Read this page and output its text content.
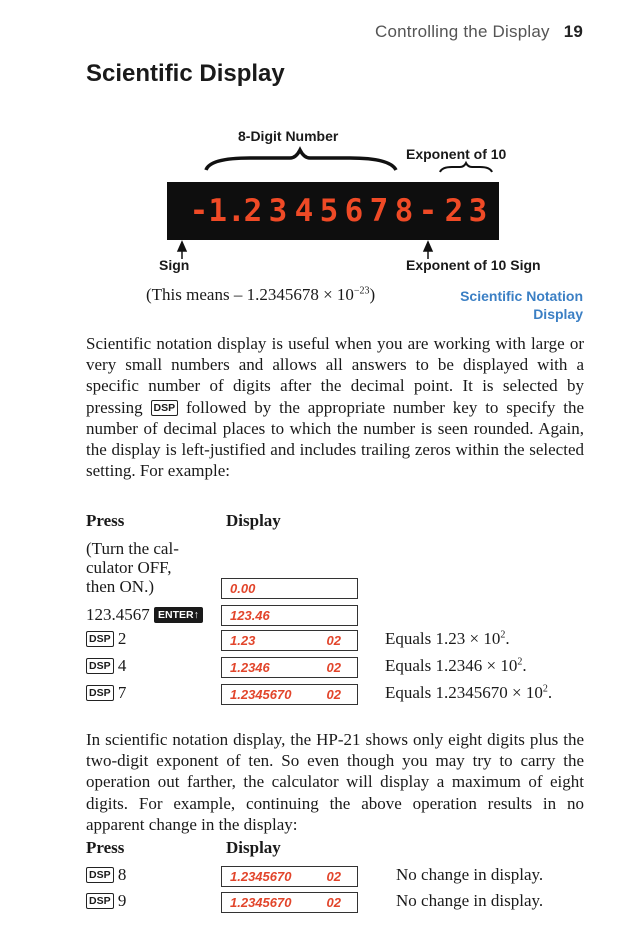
Controlling the Display 19
Scientific Display
8-Digit Number
Exponent of 10
- 1.
2 3 4 5 6 7 8 - 2 3
Sign	Exponent of 10 Sign
(This means – $1.2345678 \times 10^{-23}$)	Scientific Notation
Display
Scientific notation display is useful when you are working with large or very small numbers and allows all answers to be displayed with a specific number of digits after the decimal point. It is selected by pressing DSP followed by the appropriate number key to specify the number of decimal places to which the number is seen rounded. Again, the display is left-justified and includes trailing zeros within the selected setting. For example:
Press	Display
(Turn the cal-
culator OFF,
then ON.)	0.00
123.4567 ENTER↑	123.46
DSP 2	1.23	02	Equals $1.23 \times 10^2$.
DSP 4	1.2346	02	Equals $1.2346 \times 10^2$.
DSP 7	1.2345670	02	Equals $1.2345670 \times 10^2$.
In scientific notation display, the HP-21 shows only eight digits plus the two-digit exponent of ten. So even though you may try to carry the operation out farther, the calculator will display a maximum of eight digits. For example, continuing the above operation results in no apparent change in the display:
Press	Display
DSP 8	1.2345670	02	No change in display.
DSP 9	1.2345670	02	No change in display.
